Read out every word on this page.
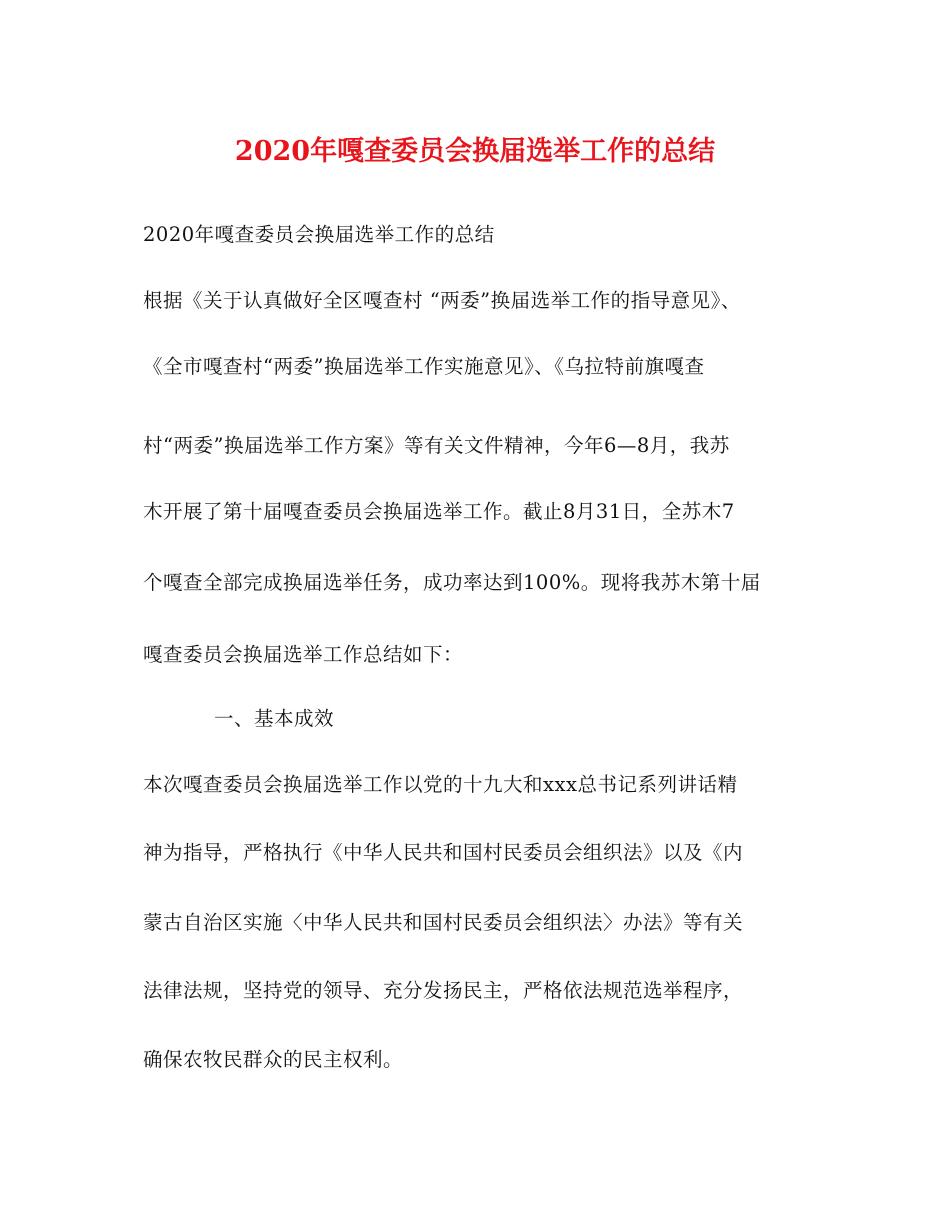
2020年嘎查委员会换届选举工作的总结
2020年嘎查委员会换届选举工作的总结
根据《关于认真做好全区嘎查村 “两委”换届选举工作的指导意见》、
《全市嘎查村“两委”换届选举工作实施意见》、《乌拉特前旗嘎查
村“两委”换届选举工作方案》等有关文件精神，今年6—8月，我苏
木开展了第十届嘎查委员会换届选举工作。截止8月31日，全苏木7
个嘎查全部完成换届选举任务，成功率达到100%。现将我苏木第十届
嘎查委员会换届选举工作总结如下：
一、基本成效
本次嘎查委员会换届选举工作以党的十九大和xxx总书记系列讲话精
神为指导，严格执行《中华人民共和国村民委员会组织法》以及《内
蒙古自治区实施〈中华人民共和国村民委员会组织法〉办法》等有关
法律法规，坚持党的领导、充分发扬民主，严格依法规范选举程序，
确保农牧民群众的民主权利。
